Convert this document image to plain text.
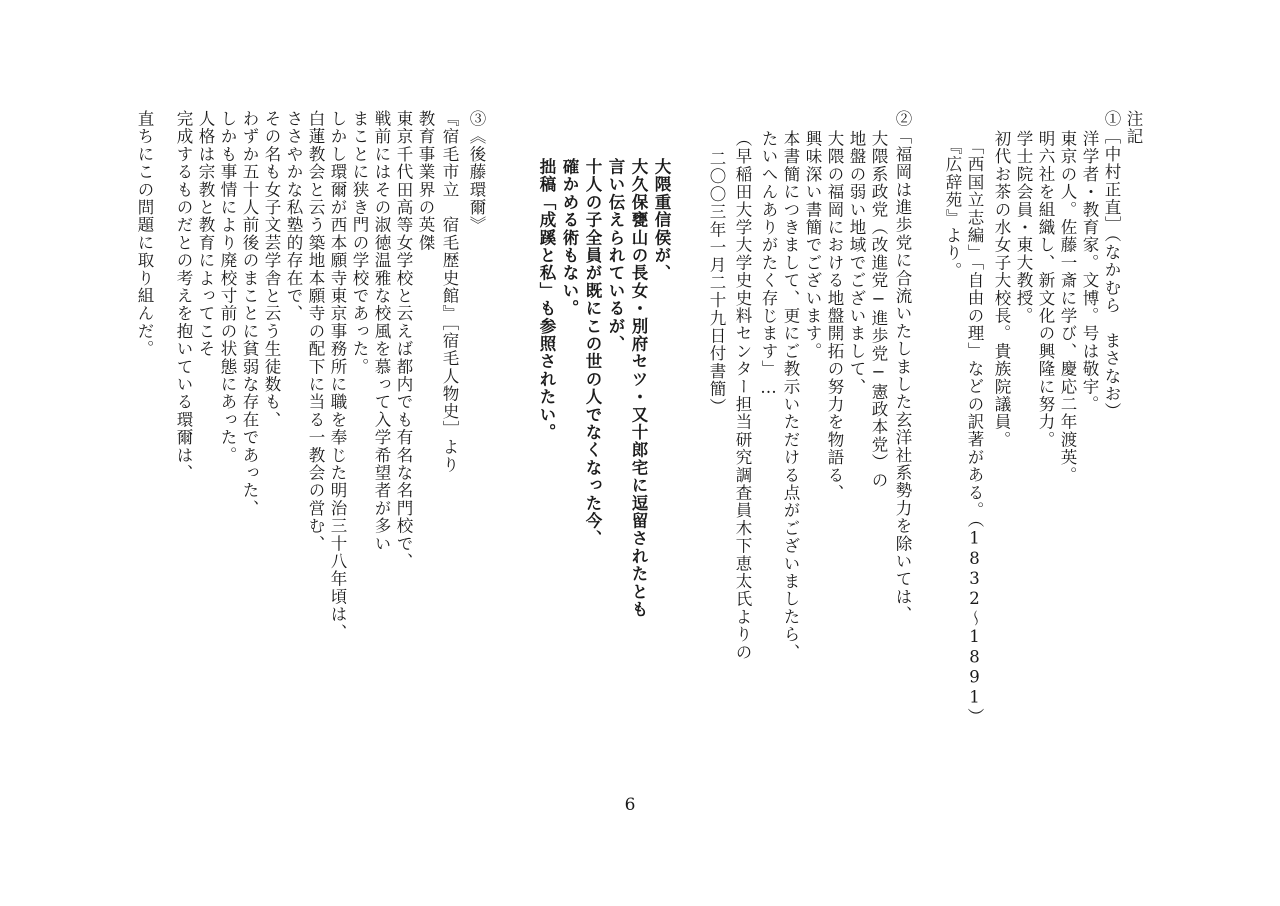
注記
①［中村正直］（なかむら　まさなお）
洋学者・教育家。文博。号は敬宇。
東京の人。佐藤一斎に学び、慶応二年渡英。
明六社を組織し、新文化の興隆に努力。
学士院会員・東大教授。
初代お茶の水女子大校長。貴族院議員。
「西国立志編」「自由の理」などの訳著がある。（1832〜1891）
『広辞苑』より。
②「福岡は進歩党に合流いたしました玄洋社系勢力を除いては、
大隈系政党（改進党─進歩党─憲政本党）の
地盤の弱い地域でございまして、
大隈の福岡における地盤開拓の努力を物語る、
興味深い書簡でございます。
本書簡につきまして、更にご教示いただける点がございましたら、
たいへんありがたく存じます」…
（早稲田大学大学史史料センター担当研究調査員木下恵太氏よりの
二〇〇三年一月二十九日付書簡）
大隈重信侯が、
大久保甕山の長女・別府セツ・又十郎宅に逗留されたとも
言い伝えられているが、
十人の子全員が既にこの世の人でなくなった今、
確かめる術もない。
拙稿「成蹊と私」も参照されたい。
③《後藤環爾》
『宿毛市立　宿毛歴史館』［宿毛人物史］より
教育事業界の英傑
東京千代田高等女学校と云えば都内でも有名な名門校で、
戦前にはその淑徳温雅な校風を慕って入学希望者が多い
まことに狭き門の学校であった。
しかし環爾が西本願寺東京事務所に職を奉じた明治三十八年頃は、
白蓮教会と云う築地本願寺の配下に当る一教会の営む、
ささやかな私塾的存在で、
その名も女子文芸学舎と云う生徒数も、
わずか五十人前後のまことに貧弱な存在であった、
しかも事情により廃校寸前の状態にあった。
人格は宗教と教育によってこそ
完成するものだとの考えを抱いている環爾は、
直ちにこの問題に取り組んだ。
6
